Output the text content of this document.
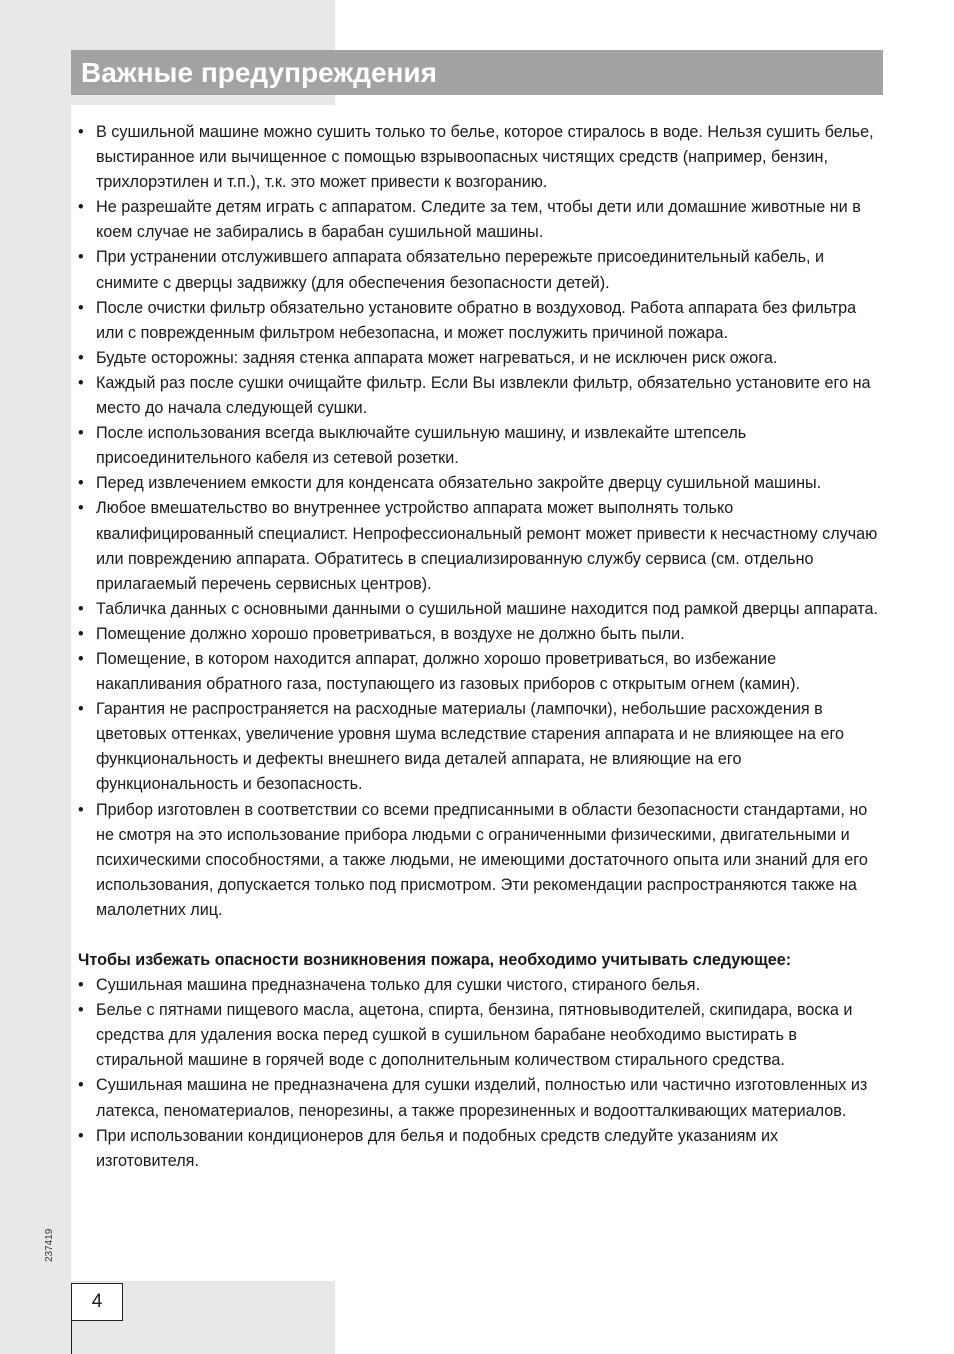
Важные предупреждения
• В сушильной машине можно сушить только то белье, которое стиралось в воде. Нельзя сушить белье, выстиранное или вычищенное с помощью взрывоопасных чистящих средств (например, бензин, трихлорэтилен и т.п.), т.к. это может привести к возгоранию.
• Не разрешайте детям играть с аппаратом. Следите за тем, чтобы дети или домашние животные ни в коем случае не забирались в барабан сушильной машины.
• При устранении отслужившего аппарата обязательно перережьте присоединительный кабель, и снимите с дверцы задвижку (для обеспечения безопасности детей).
• После очистки фильтр обязательно установите обратно в воздуховод. Работа аппарата без фильтра или с поврежденным фильтром небезопасна, и может послужить причиной пожара.
• Будьте осторожны: задняя стенка аппарата может нагреваться, и не исключен риск ожога.
• Каждый раз после сушки очищайте фильтр. Если Вы извлекли фильтр, обязательно установите его на место до начала следующей сушки.
• После использования всегда выключайте сушильную машину, и извлекайте штепсель присоединительного кабеля из сетевой розетки.
• Перед извлечением емкости для конденсата обязательно закройте дверцу сушильной машины.
• Любое вмешательство во внутреннее устройство аппарата может выполнять только квалифицированный специалист. Непрофессиональный ремонт может привести к несчастному случаю или повреждению аппарата. Обратитесь в специализированную службу сервиса (см. отдельно прилагаемый перечень сервисных центров).
• Табличка данных с основными данными о сушильной машине находится под рамкой дверцы аппарата.
• Помещение должно хорошо проветриваться, в воздухе не должно быть пыли.
• Помещение, в котором находится аппарат, должно хорошо проветриваться, во избежание накапливания обратного газа, поступающего из газовых приборов с открытым огнем (камин).
• Гарантия не распространяется на расходные материалы (лампочки), небольшие расхождения в цветовых оттенках, увеличение уровня шума вследствие старения аппарата и не влияющее на его функциональность и дефекты внешнего вида деталей аппарата, не влияющие на его функциональность и безопасность.
• Прибор изготовлен в соответствии со всеми предписанными в области безопасности стандартами, но не смотря на это использование прибора людьми с ограниченными физическими, двигательными и психическими способностями, а также людьми, не имеющими достаточного опыта или знаний для его использования, допускается только под присмотром. Эти рекомендации распространяются также на малолетних лиц.

Чтобы избежать опасности возникновения пожара, необходимо учитывать следующее:

• Сушильная машина предназначена только для сушки чистого, стираного белья.
• Белье с пятнами пищевого масла, ацетона, спирта, бензина, пятновыводителей, скипидара, воска и средства для удаления воска перед сушкой в сушильном барабане необходимо выстирать в стиральной машине в горячей воде с дополнительным количеством стирального средства.
• Сушильная машина не предназначена для сушки изделий, полностью или частично изготовленных из латекса, пеноматериалов, пенорезины, а также прорезиненных и водоотталкивающих материалов.
• При использовании кондиционеров для белья и подобных средств следуйте указаниям их изготовителя.
237419
4
